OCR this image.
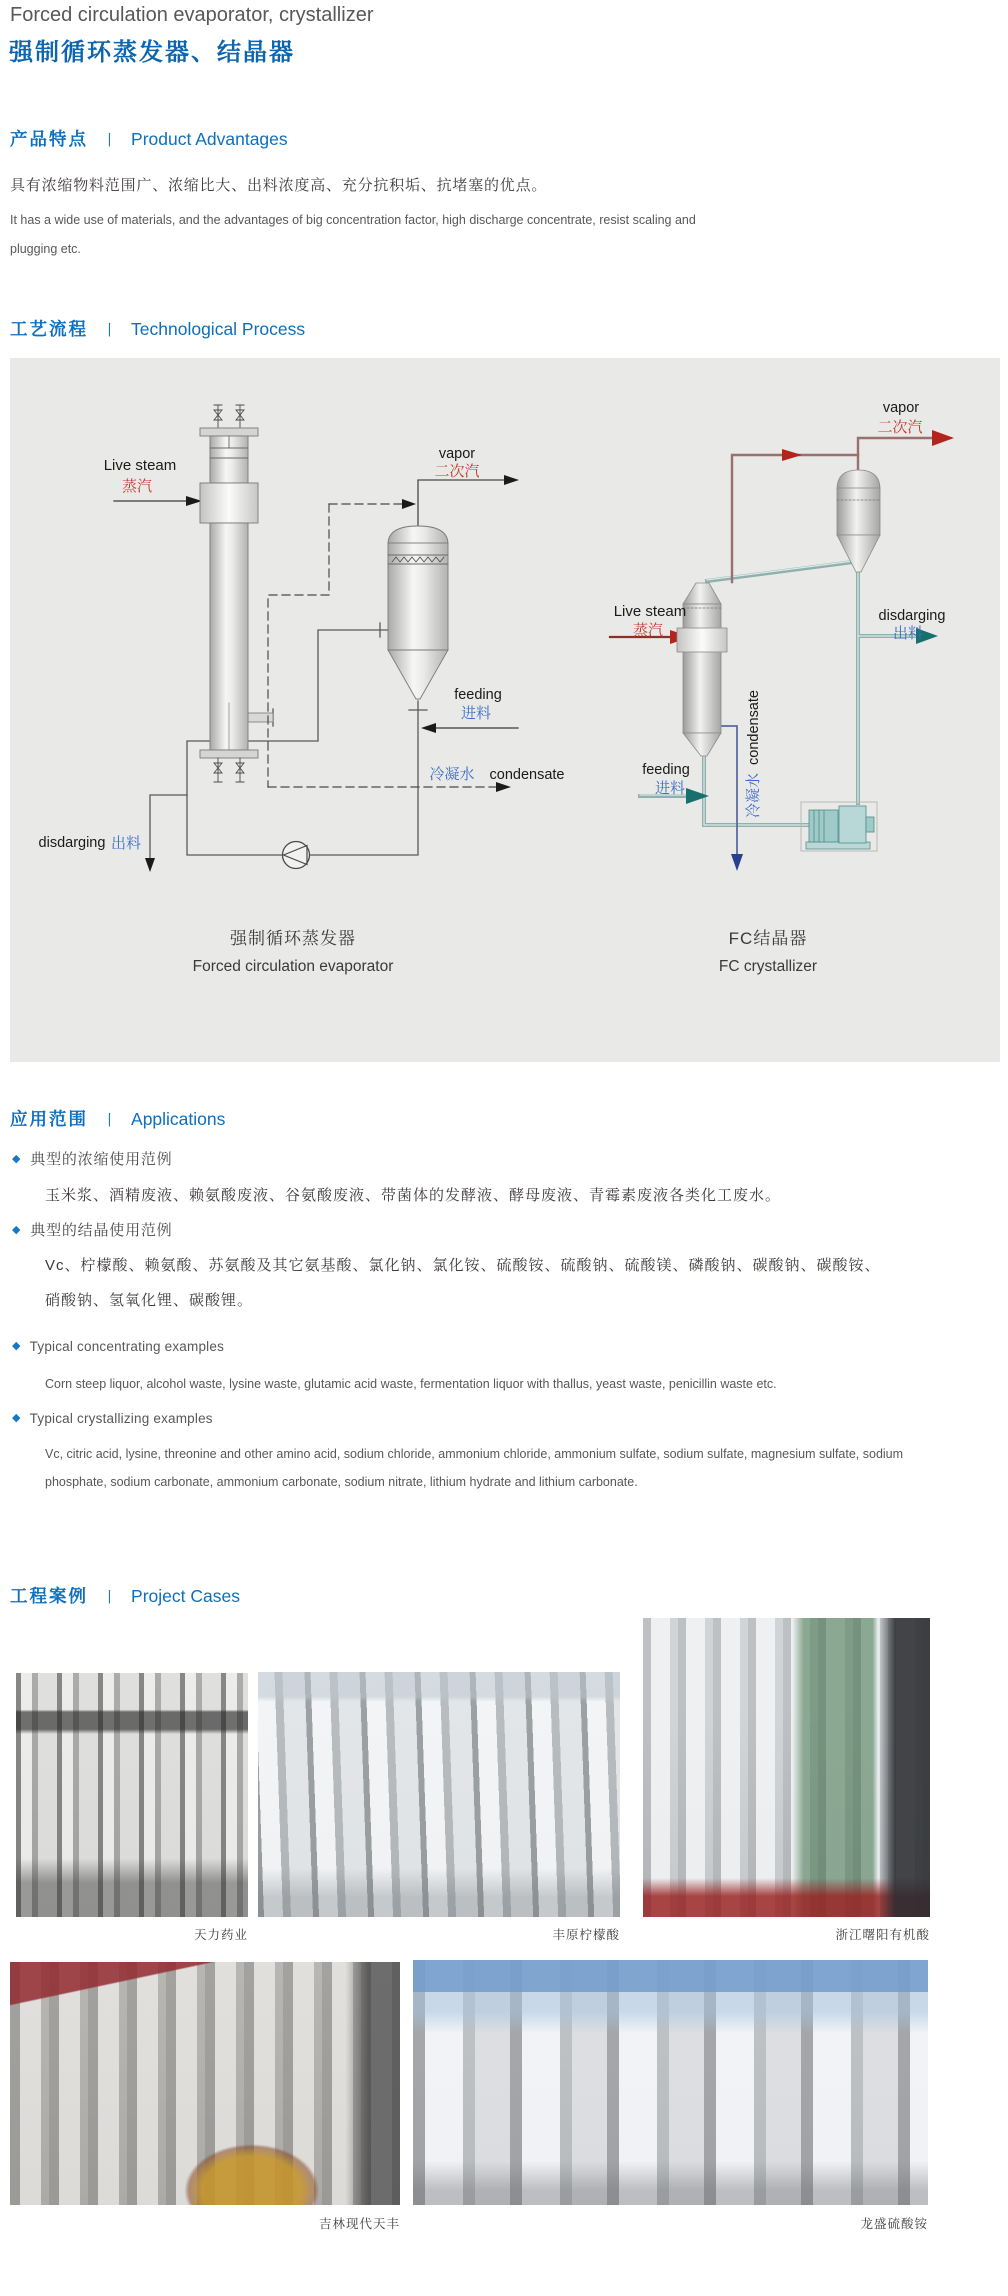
Forced circulation evaporator, crystallizer
强制循环蒸发器、结晶器
产品特点 丨 Product Advantages
具有浓缩物料范围广、浓缩比大、出料浓度高、充分抗积垢、抗堵塞的优点。
It has a wide use of materials, and the advantages of big concentration factor, high discharge concentrate, resist scaling and plugging etc.
工艺流程 丨 Technological Process
Live steam
蒸汽
vapor
二次汽
feeding
进料
冷凝水 condensate
disdarging 出料
强制循环蒸发器
Forced circulation evaporator
vapor
二次汽
Live steam
蒸汽
disdarging
出料
feeding
进料	冷凝水condensate
FC结晶器
FC crystallizer
应用范围 丨 Applications
◆ 典型的浓缩使用范例
玉米浆、酒精废液、赖氨酸废液、谷氨酸废液、带菌体的发酵液、酵母废液、青霉素废液各类化工废水。
◆ 典型的结晶使用范例
Vc、柠檬酸、赖氨酸、苏氨酸及其它氨基酸、氯化钠、氯化铵、硫酸铵、硫酸钠、硫酸镁、磷酸钠、碳酸钠、碳酸铵、硝酸钠、氢氧化锂、碳酸锂。
◆ Typical concentrating examples
Corn steep liquor, alcohol waste, lysine waste, glutamic acid waste, fermentation liquor with thallus, yeast waste, penicillin waste etc.
◆ Typical crystallizing examples
Vc, citric acid, lysine, threonine and other amino acid, sodium chloride, ammonium chloride, ammonium sulfate, sodium sulfate, magnesium sulfate, sodium phosphate, sodium carbonate, ammonium carbonate, sodium nitrate, lithium hydrate and lithium carbonate.
工程案例 丨 Project Cases
天力药业	丰原柠檬酸	浙江曙阳有机酸
吉林现代天丰	龙盛硫酸铵
